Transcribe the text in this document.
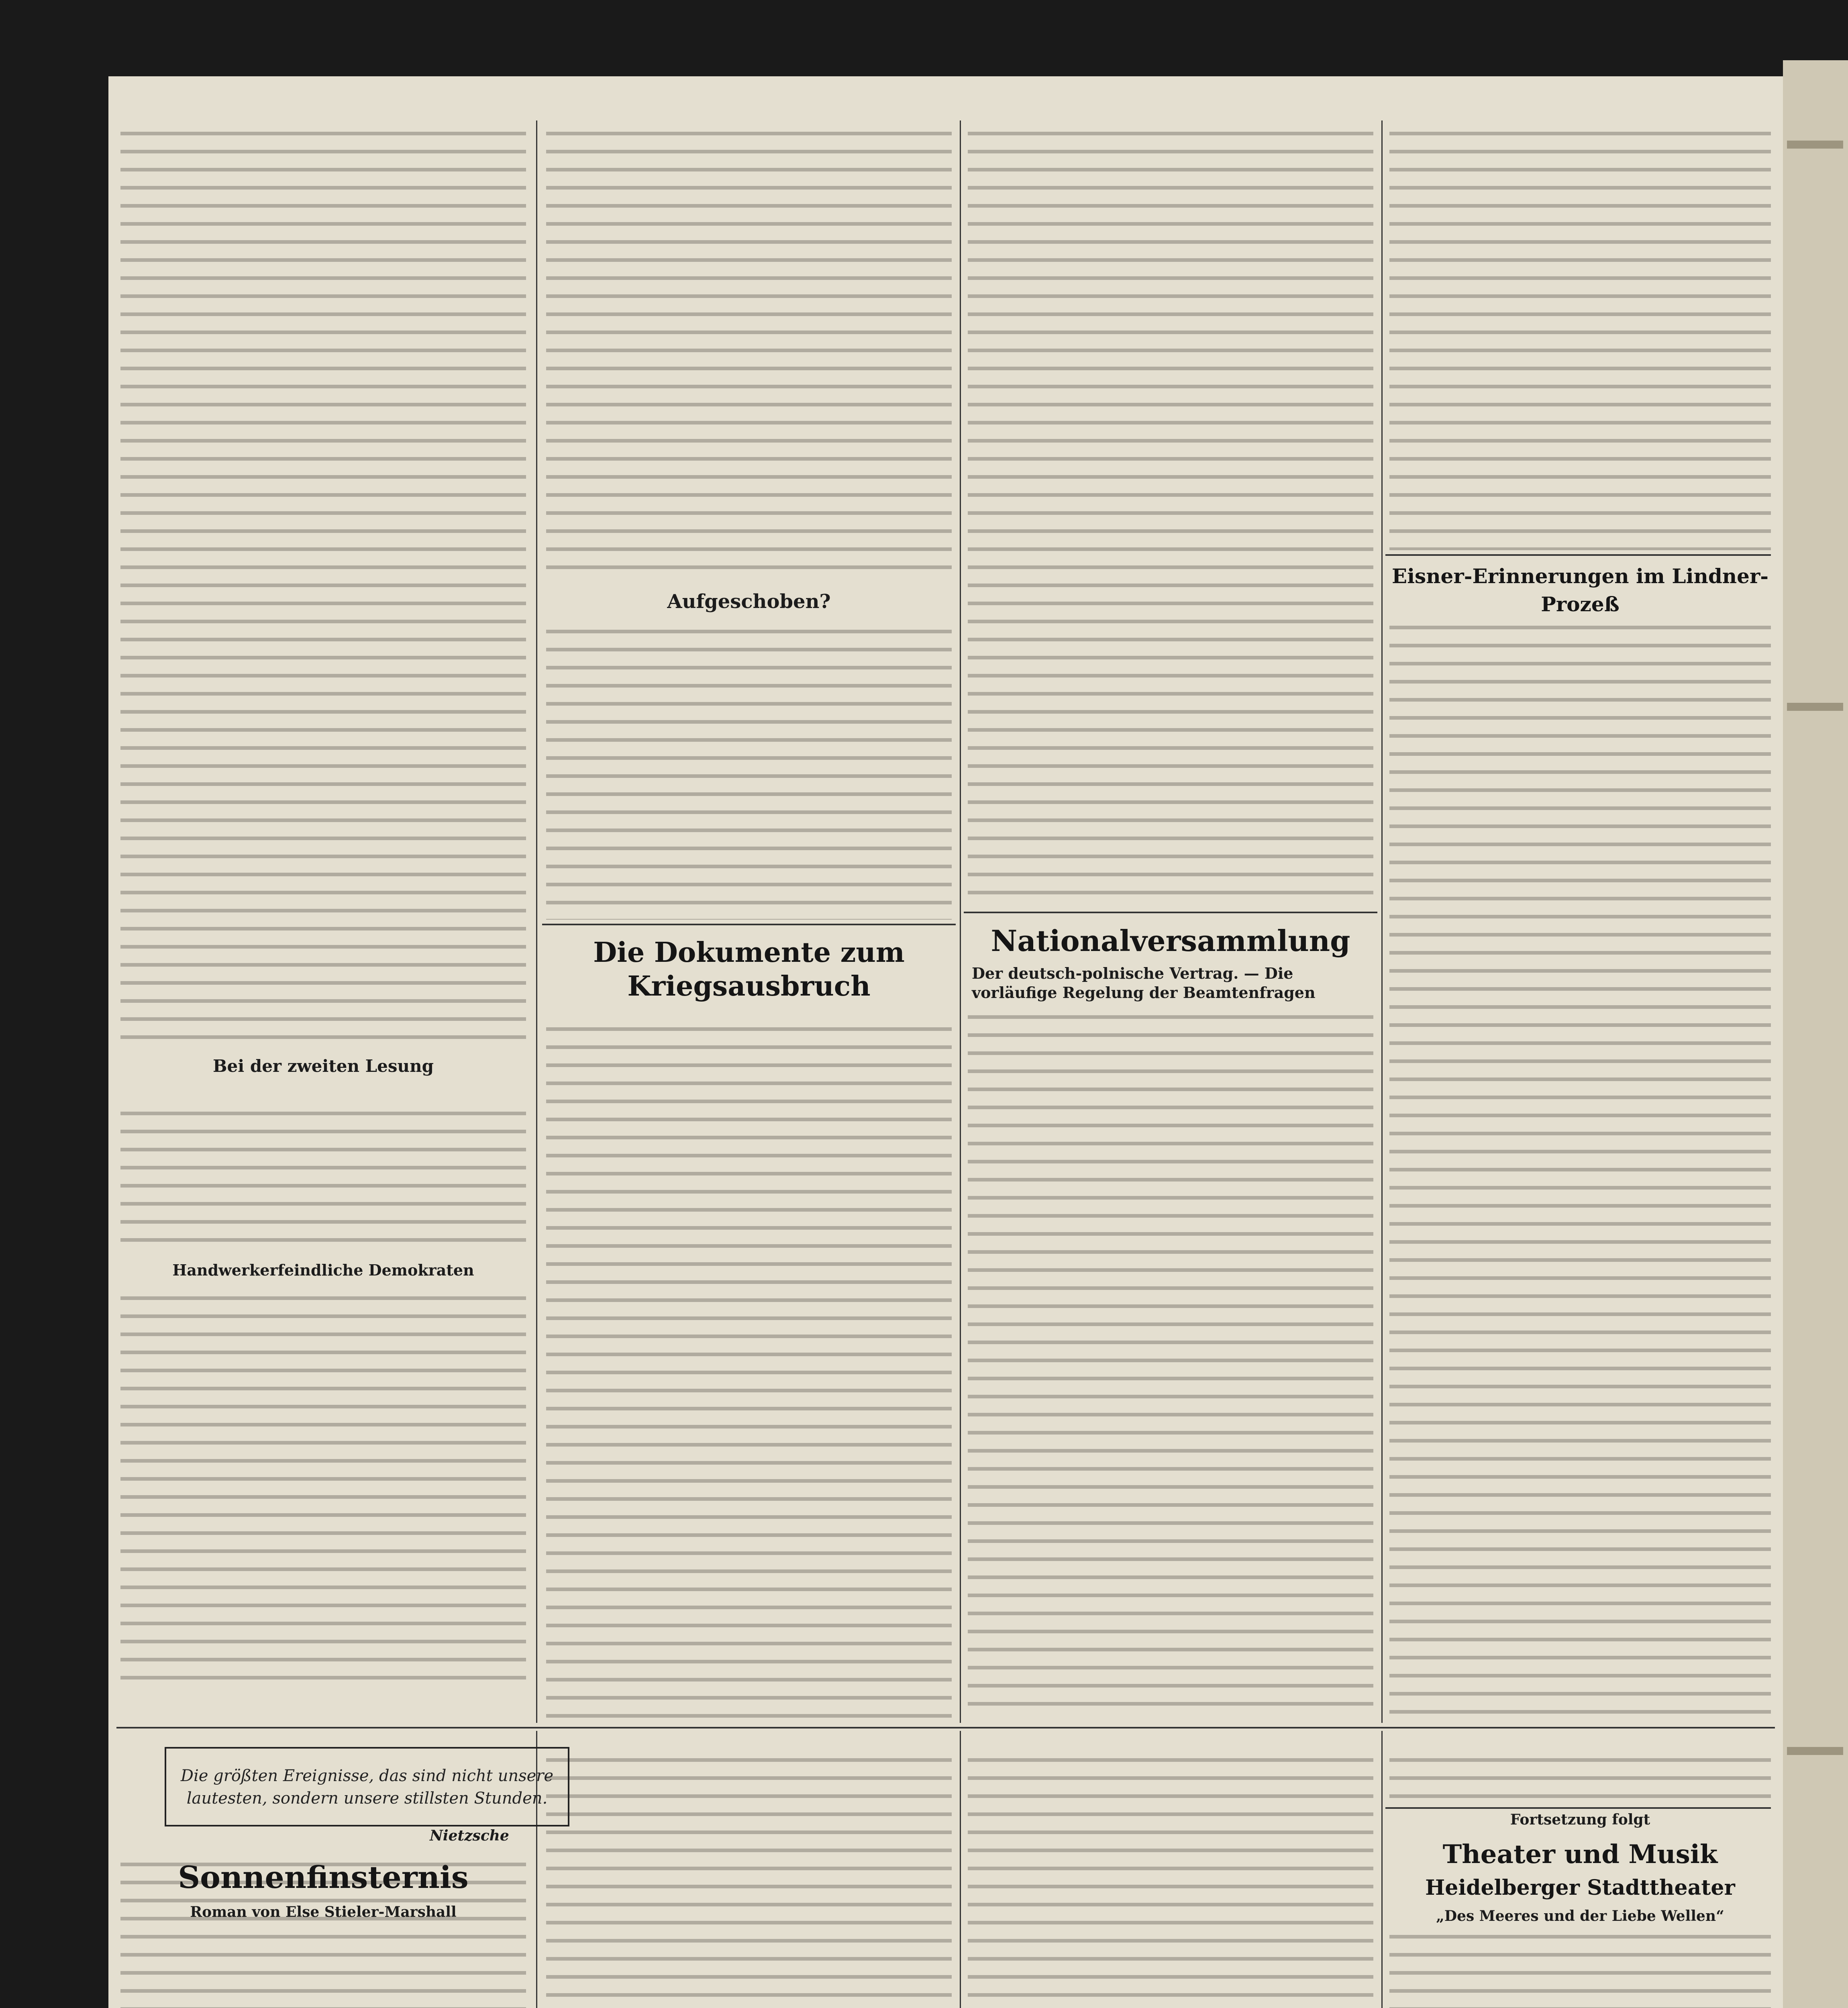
Die Dokumente zum Kriegsausbruch
Nationalversammlung
Der deutsch-polnische Vertrag. — Die vorläufige Regelung der Beamtenfragen
Eisner-Erinnerungen im Lindner-Prozeß
Aufgeschoben?
Bei der zweiten Lesung
Handwerkerfeindliche Demokraten
Die größten Ereignisse, das sind nicht unsere lautesten, sondern unsere stillsten Stunden.
Nietzsche
Sonnenfinsternis
Roman von Else Stieler-Marshall
Fortsetzung folgt
Theater und Musik
Heidelberger Stadttheater
„Des Meeres und der Liebe Wellen“
